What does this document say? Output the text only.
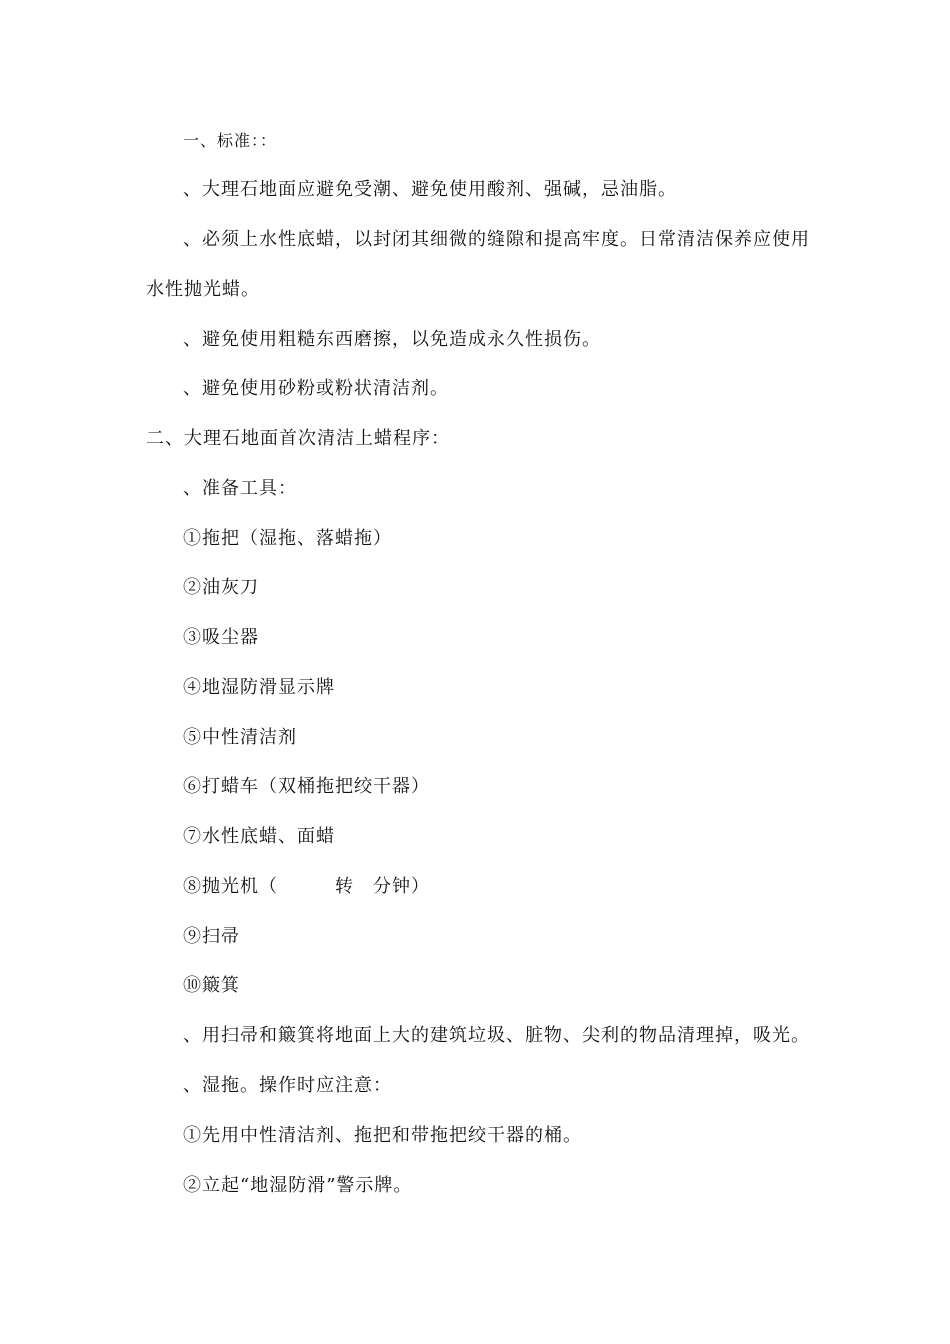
一、标准：：
、大理石地面应避免受潮、避免使用酸剂、强碱，忌油脂。
、必须上水性底蜡，以封闭其细微的缝隙和提高牢度。日常清洁保养应使用
水性抛光蜡。
、避免使用粗糙东西磨擦，以免造成永久性损伤。
、避免使用砂粉或粉状清洁剂。
二、大理石地面首次清洁上蜡程序：
、准备工具：
①拖把（湿拖、落蜡拖）
②油灰刀
③吸尘器
④地湿防滑显示牌
⑤中性清洁剂
⑥打蜡车（双桶拖把绞干器）
⑦水性底蜡、面蜡
⑧抛光机（　　　转　分钟）
⑨扫帚
⑩簸箕
、用扫帚和簸箕将地面上大的建筑垃圾、脏物、尖利的物品清理掉，吸光。
、湿拖。操作时应注意：
①先用中性清洁剂、拖把和带拖把绞干器的桶。
②立起“地湿防滑”警示牌。
